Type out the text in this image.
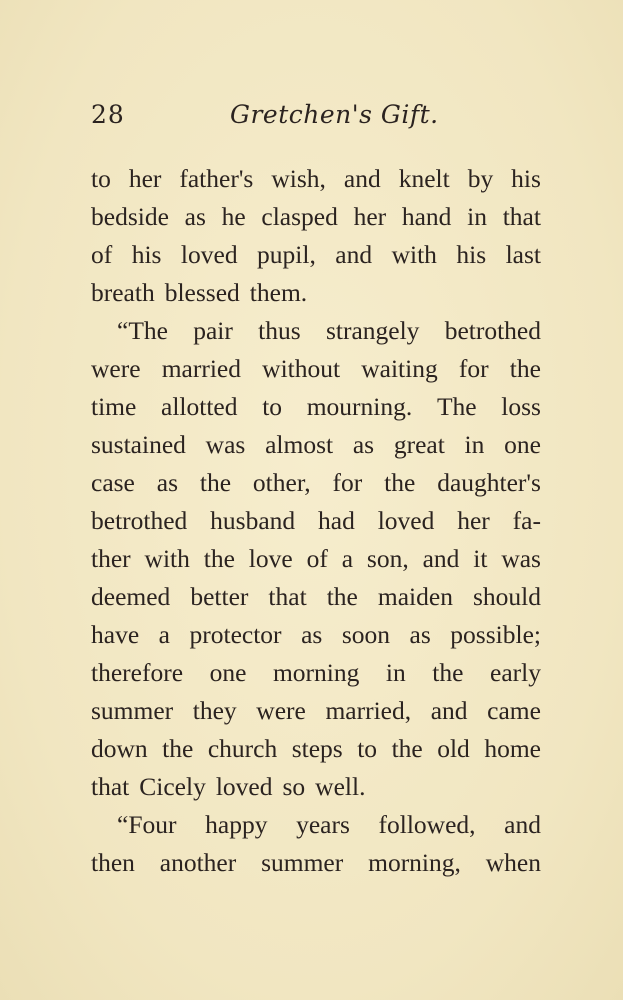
28	Gretchen's Gift.
to her father's wish, and knelt by his
bedside as he clasped her hand in that
of his loved pupil, and with his last
breath blessed them.
“The pair thus strangely betrothed
were married without waiting for the
time allotted to mourning. The loss
sustained was almost as great in one
case as the other, for the daughter's
betrothed husband had loved her fa-
ther with the love of a son, and it was
deemed better that the maiden should
have a protector as soon as possible;
therefore one morning in the early
summer they were married, and came
down the church steps to the old home
that Cicely loved so well.
“Four happy years followed, and
then another summer morning, when
